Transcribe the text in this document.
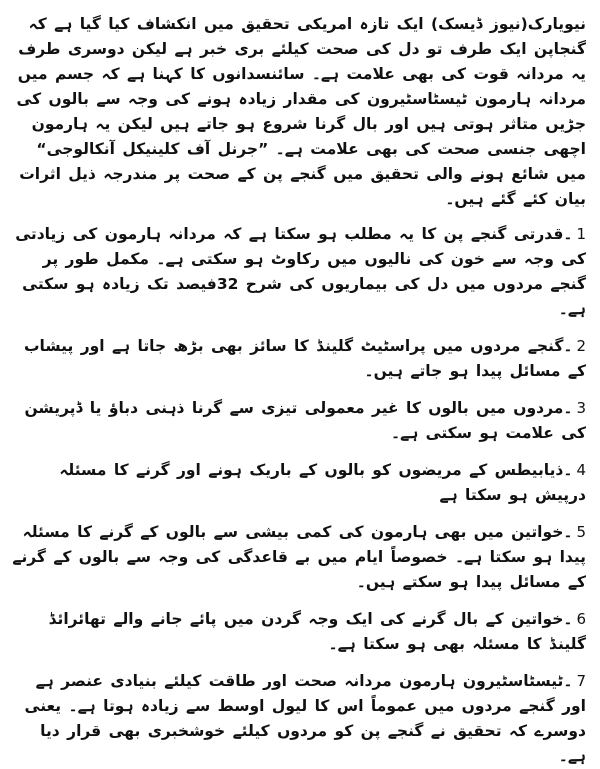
نیویارک(نیوز ڈیسک) ایک تازہ امریکی تحقیق میں انکشاف کیا گیا ہے کہ گنجاپن ایک طرف تو دل کی صحت کیلئے بری خبر ہے لیکن دوسری طرف یہ مردانہ قوت کی بھی علامت ہے۔ سائنسدانوں کا کہنا ہے کہ جسم میں مردانہ ہارمون ٹیسٹاسٹیرون کی مقدار زیادہ ہونے کی وجہ سے بالوں کی جڑیں متاثر ہوتی ہیں اور بال گرنا شروع ہو جاتے ہیں لیکن یہ ہارمون اچھی جنسی صحت کی بھی علامت ہے۔ ”جرنل آف کلینیکل آنکالوجی“ میں شائع ہونے والی تحقیق میں گنجے پن کے صحت پر مندرجہ ذیل اثرات بیان کئے گئے ہیں۔

1۔قدرتی گنجے پن کا یہ مطلب ہو سکتا ہے کہ مردانہ ہارمون کی زیادتی کی وجہ سے خون کی نالیوں میں رکاوٹ ہو سکتی ہے۔ مکمل طور پر گنجے مردوں میں دل کی بیماریوں کی شرح 32فیصد تک زیادہ ہو سکتی ہے۔

2۔گنجے مردوں میں پراسٹیٹ گلینڈ کا سائز بھی بڑھ جاتا ہے اور پیشاب کے مسائل پیدا ہو جاتے ہیں۔

3۔مردوں میں بالوں کا غیر معمولی تیزی سے گرنا ذہنی دباﺅ یا ڈپریشن کی علامت ہو سکتی ہے۔

4۔ذیابیطس کے مریضوں کو بالوں کے باریک ہونے اور گرنے کا مسئلہ درپیش ہو سکتا ہے

5۔خواتین میں بھی ہارمون کی کمی بیشی سے بالوں کے گرنے کا مسئلہ پیدا ہو سکتا ہے۔ خصوصاً ایام میں بے قاعدگی کی وجہ سے بالوں کے گرنے کے مسائل پیدا ہو سکتے ہیں۔

6۔خواتین کے بال گرنے کی ایک وجہ گردن میں پائے جانے والے تھائرائڈ گلینڈ کا مسئلہ بھی ہو سکتا ہے۔

7۔ٹیسٹاسٹیرون ہارمون مردانہ صحت اور طاقت کیلئے بنیادی عنصر ہے اور گنجے مردوں میں عموماً اس کا لیول اوسط سے زیادہ ہوتا ہے۔ یعنی دوسرے کہ تحقیق نے گنجے پن کو مردوں کیلئے خوشخبری بھی قرار دیا ہے۔
